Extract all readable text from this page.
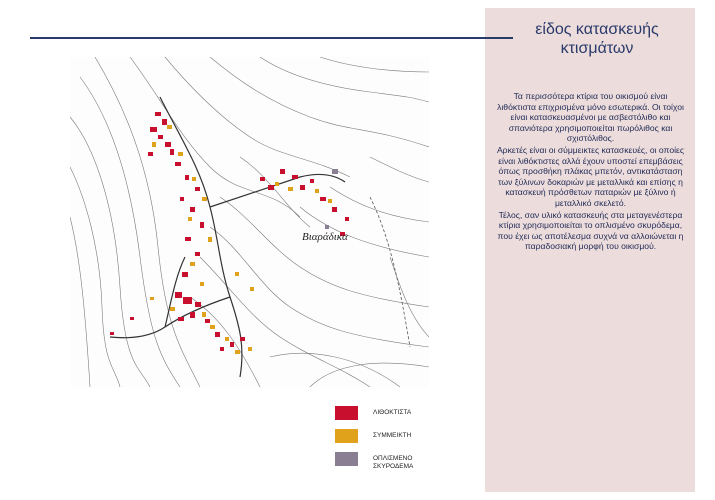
είδος κατασκευής
κτισμάτων

Τα περισσότερα κτίρια του οικισμού είναι λιθόκτιστα επιχρισμένα μόνο εσωτερικά. Οι τοίχοι είναι κατασκευασμένοι με ασβεστόλιθο και σπανιότερα χρησιμοποιείται πωρόλιθος και σχιστόλιθος.

Αρκετές είναι οι σύμμεικτες κατασκευές, οι οποίες είναι λιθόκτιστες αλλά έχουν υποστεί επεμβάσεις όπως προσθήκη πλάκας μπετόν, αντικατάσταση των ξύλινων δοκαριών με μεταλλικά και επίσης η κατασκευή πρόσθετων παταριών με ξύλινο ή μεταλλικό σκελετό.

Τέλος, σαν υλικό κατασκευής στα μεταγενέστερα κτίρια χρησιμοποιείται το οπλισμένο σκυρόδεμα, που έχει ως αποτέλεσμα συχνά να αλλοιώνεται η παραδοσιακή μορφή του οικισμού.

Βιαράδικα
ΛΙΘΟΚΤΙΣΤΑ
ΣΥΜΜΕΙΚΤΗ
ΟΠΛΙΣΜΕΝΟ ΣΚΥΡΟΔΕΜΑ
